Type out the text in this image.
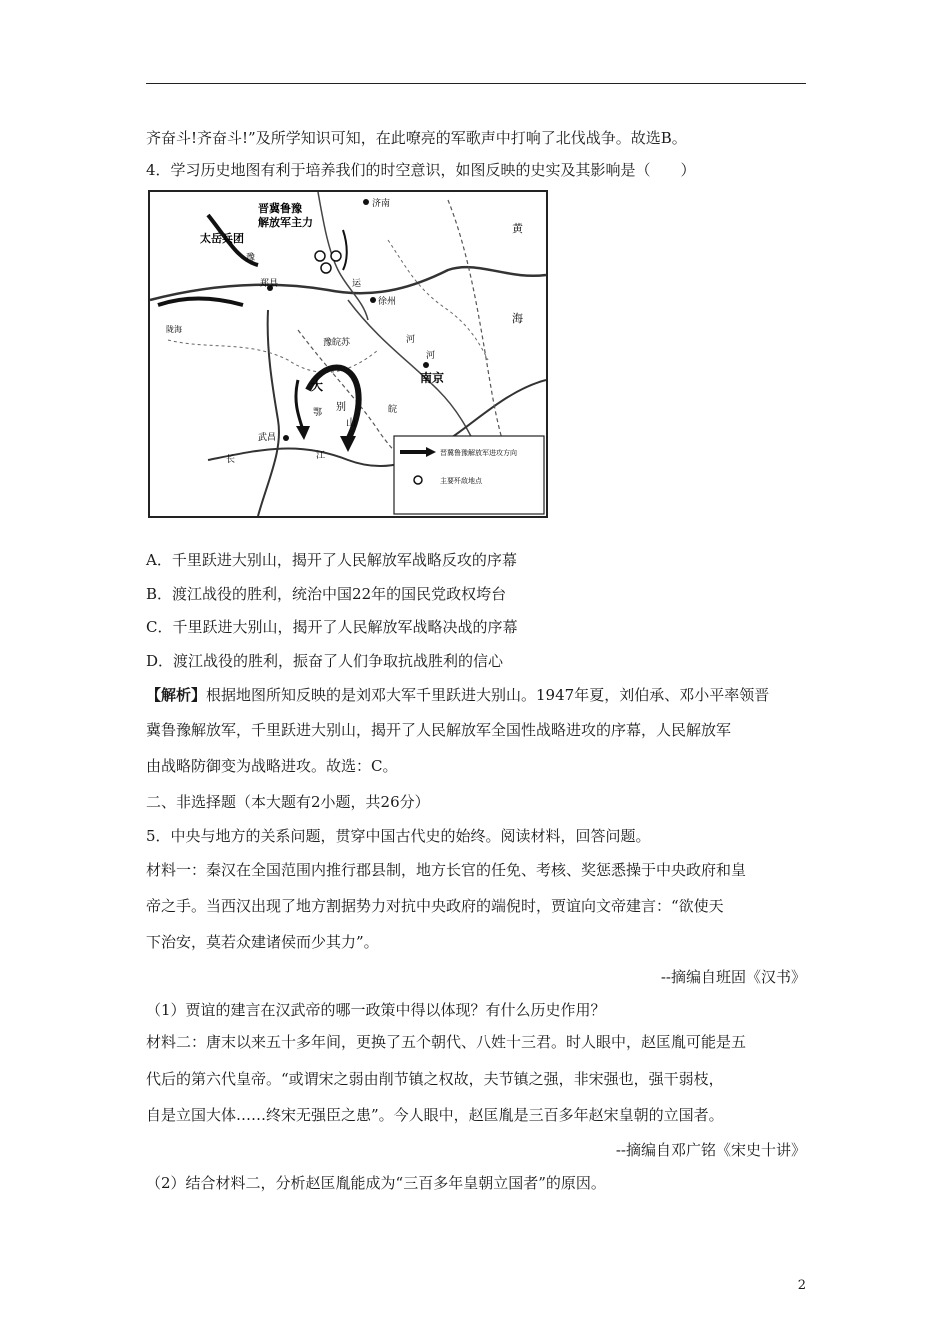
齐奋斗!齐奋斗!”及所学知识可知，在此嘹亮的军歌声中打响了北伐战争。故选B。
4．学习历史地图有利于培养我们的时空意识，如图反映的史实及其影响是（　　）
晋冀鲁豫
解放军主力
太岳兵团
济南
黄
海
运
徐州
郑县
豫
陇海
河
河
南京
皖
豫皖苏
大
别
山
鄂
武昌
长	江	晋冀鲁豫解放军进攻方向
主要歼敌地点
A．千里跃进大别山，揭开了人民解放军战略反攻的序幕
B．渡江战役的胜利，统治中国22年的国民党政权垮台
C．千里跃进大别山，揭开了人民解放军战略决战的序幕
D．渡江战役的胜利，振奋了人们争取抗战胜利的信心
【解析】根据地图所知反映的是刘邓大军千里跃进大别山。1947年夏，刘伯承、邓小平率领晋
冀鲁豫解放军，千里跃进大别山，揭开了人民解放军全国性战略进攻的序幕，人民解放军
由战略防御变为战略进攻。故选：C。
二、非选择题（本大题有2小题，共26分）
5．中央与地方的关系问题，贯穿中国古代史的始终。阅读材料，回答问题。
材料一：秦汉在全国范围内推行郡县制，地方长官的任免、考核、奖惩悉操于中央政府和皇
帝之手。当西汉出现了地方割据势力对抗中央政府的端倪时，贾谊向文帝建言：“欲使天
下治安，莫若众建诸侯而少其力”。
--摘编自班固《汉书》
（1）贾谊的建言在汉武帝的哪一政策中得以体现？有什么历史作用？
材料二：唐末以来五十多年间，更换了五个朝代、八姓十三君。时人眼中，赵匡胤可能是五
代后的第六代皇帝。“或谓宋之弱由削节镇之权故，夫节镇之强，非宋强也，强干弱枝，
自是立国大体……终宋无强臣之患”。今人眼中，赵匡胤是三百多年赵宋皇朝的立国者。
--摘编自邓广铭《宋史十讲》
（2）结合材料二，分析赵匡胤能成为“三百多年皇朝立国者”的原因。
2
